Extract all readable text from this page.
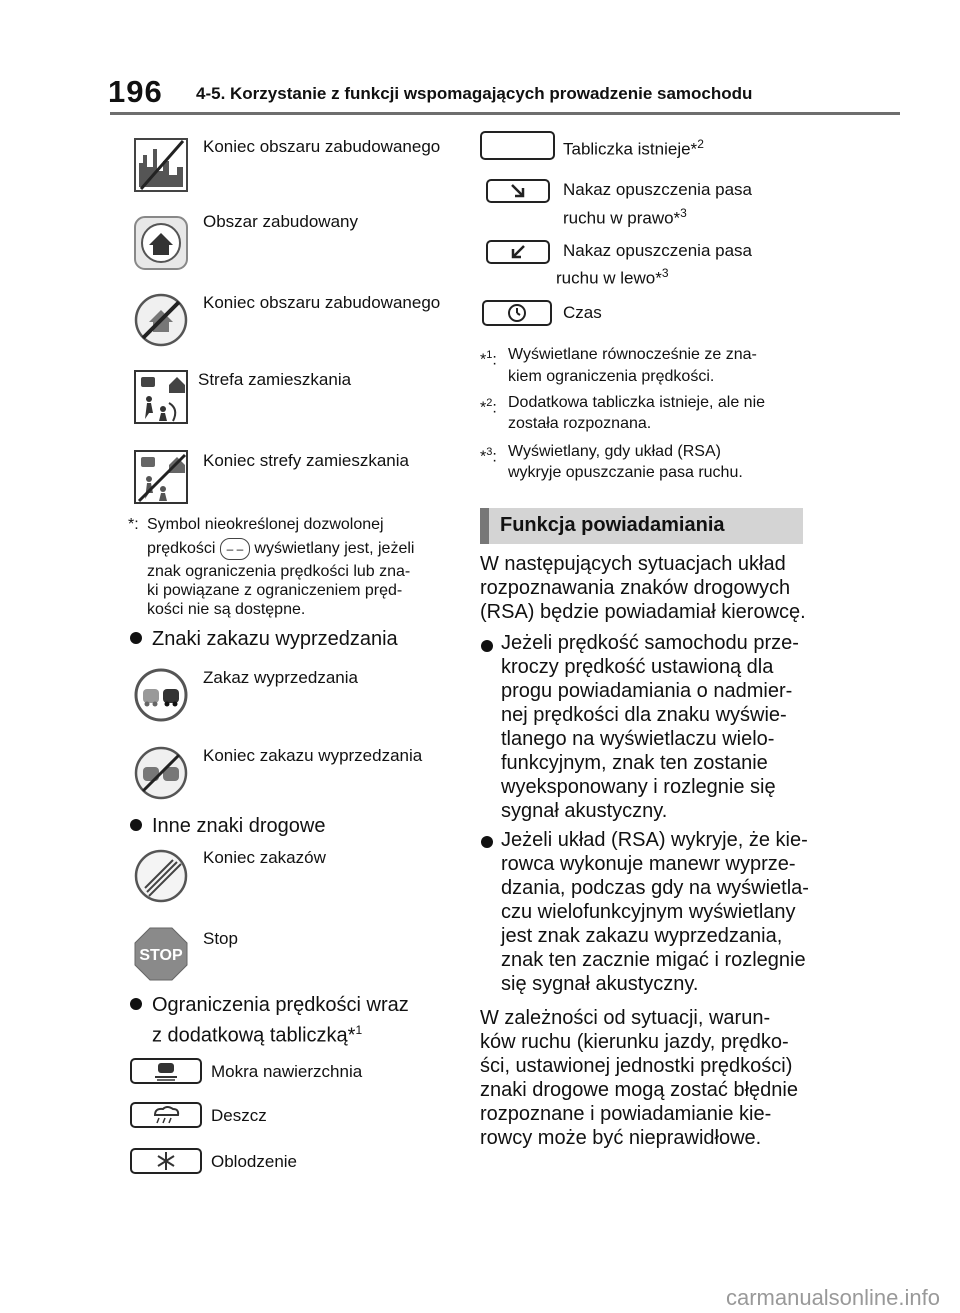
196 4-5. Korzystanie z funkcji wspomagających prowadzenie samochodu
Koniec obszaru zabudowanego
Obszar zabudowany
Koniec obszaru zabudowanego
Strefa zamieszkania
Koniec strefy zamieszkania
*: Symbol nieokreślonej dozwolonej
prędkości – – wyświetlany jest, jeżeli
znak ograniczenia prędkości lub zna-
ki powiązane z ograniczeniem pręd-
kości nie są dostępne.
Znaki zakazu wyprzedzania
Zakaz wyprzedzania
Koniec zakazu wyprzedzania
Inne znaki drogowe
Koniec zakazów
STOP
Stop
Ograniczenia prędkości wraz
z dodatkową tabliczką*$^1$
Mokra nawierzchnia
Deszcz
Oblodzenie
Tabliczka istnieje*$^2$
Nakaz opuszczenia pasa
ruchu w prawo*$^3$
Nakaz opuszczenia pasa
ruchu w lewo*$^3$
Czas
*$^1$: Wyświetlane równocześnie ze zna-
kiem ograniczenia prędkości.
*$^2$: Dodatkowa tabliczka istnieje, ale nie
została rozpoznana.
*$^3$: Wyświetlany, gdy układ (RSA)
wykryje opuszczanie pasa ruchu.
Funkcja powiadamiania
W następujących sytuacjach układ
rozpoznawania znaków drogowych
(RSA) będzie powiadamiał kierowcę.
Jeżeli prędkość samochodu prze-
kroczy prędkość ustawioną dla
progu powiadamiania o nadmier-
nej prędkości dla znaku wyświe-
tlanego na wyświetlaczu wielo-
funkcyjnym, znak ten zostanie
wyeksponowany i rozlegnie się
sygnał akustyczny.
Jeżeli układ (RSA) wykryje, że kie-
rowca wykonuje manewr wyprze-
dzania, podczas gdy na wyświetla-
czu wielofunkcyjnym wyświetlany
jest znak zakazu wyprzedzania,
znak ten zacznie migać i rozlegnie
się sygnał akustyczny.
W zależności od sytuacji, warun-
ków ruchu (kierunku jazdy, prędko-
ści, ustawionej jednostki prędkości)
znaki drogowe mogą zostać błędnie
rozpoznane i powiadamianie kie-
rowcy może być nieprawidłowe.
carmanualsonline.info
